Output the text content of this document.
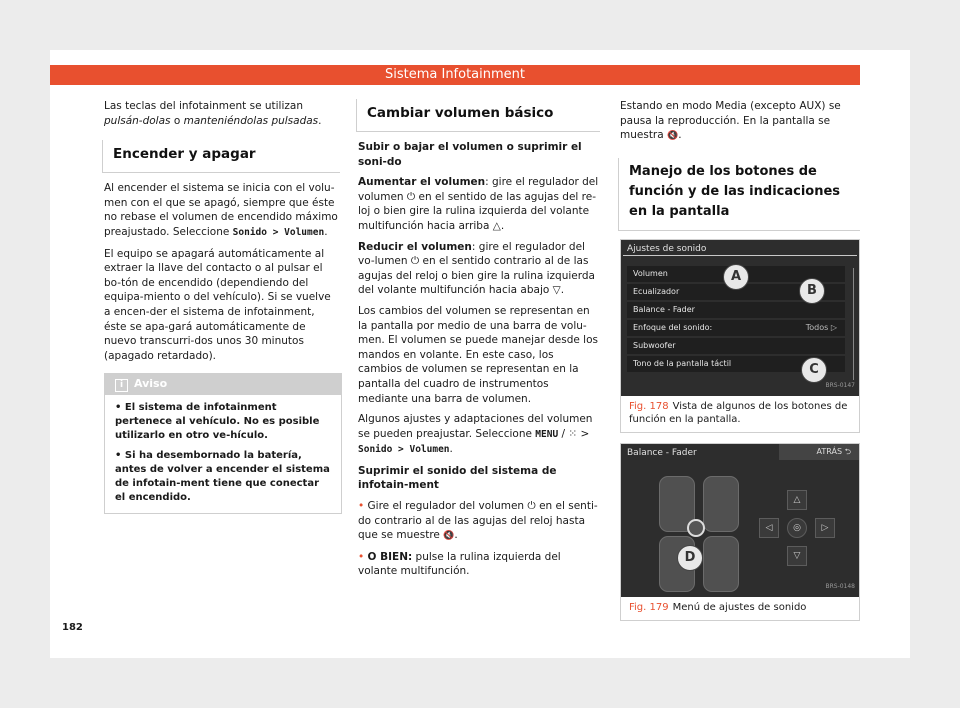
Sistema Infotainment

Las teclas del infotainment se utilizan pulsán-dolas o manteniéndolas pulsadas.

Encender y apagar

Al encender el sistema se inicia con el volu-men con el que se apagó, siempre que éste no rebase el volumen de encendido máximo preajustado. Seleccione Sonido > Volumen.

El equipo se apagará automáticamente al extraer la llave del contacto o al pulsar el bo-tón de encendido (dependiendo del equipa-miento o del vehículo). Si se vuelve a encen-der el sistema de infotainment, éste se apa-gará automáticamente de nuevo transcurri-dos unos 30 minutos (apagado retardado).

i Aviso

• El sistema de infotainment pertenece al vehículo. No es posible utilizarlo en otro ve-hículo.

• Si ha desembornado la batería, antes de volver a encender el sistema de infotain-ment tiene que conectar el encendido.

Cambiar volumen básico

Subir o bajar el volumen o suprimir el soni-do

Aumentar el volumen: gire el regulador del volumen ⏻ en el sentido de las agujas del re-loj o bien gire la rulina izquierda del volante multifunción hacia arriba △.

Reducir el volumen: gire el regulador del vo-lumen ⏻ en el sentido contrario al de las agujas del reloj o bien gire la rulina izquierda del volante multifunción hacia abajo ▽.

Los cambios del volumen se representan en la pantalla por medio de una barra de volu-men. El volumen se puede manejar desde los mandos en volante. En este caso, los cambios de volumen se representan en la pantalla del cuadro de instrumentos mediante una barra de volumen.

Algunos ajustes y adaptaciones del volumen se pueden preajustar. Seleccione MENU / ⁙ > Sonido > Volumen.

Suprimir el sonido del sistema de infotain-ment

• Gire el regulador del volumen ⏻ en el senti-do contrario al de las agujas del reloj hasta que se muestre 🔇.

• O BIEN: pulse la rulina izquierda del volante multifunción.

Estando en modo Media (excepto AUX) se pausa la reproducción. En la pantalla se muestra 🔇.

Manejo de los botones de función y de las indicaciones en la pantalla
Ajustes de sonido
Volumen
Ecualizador
Balance - Fader
Enfoque del sonido:	Todos ▷
Subwoofer
Tono de la pantalla táctil
A
B
C
BRS-0147
Fig. 178 Vista de algunos de los botones de función en la pantalla.
Balance - Fader	ATRÁS ⮌
D
△
▽
◁	▷
◎
BRS-0148
Fig. 179 Menú de ajustes de sonido
182
